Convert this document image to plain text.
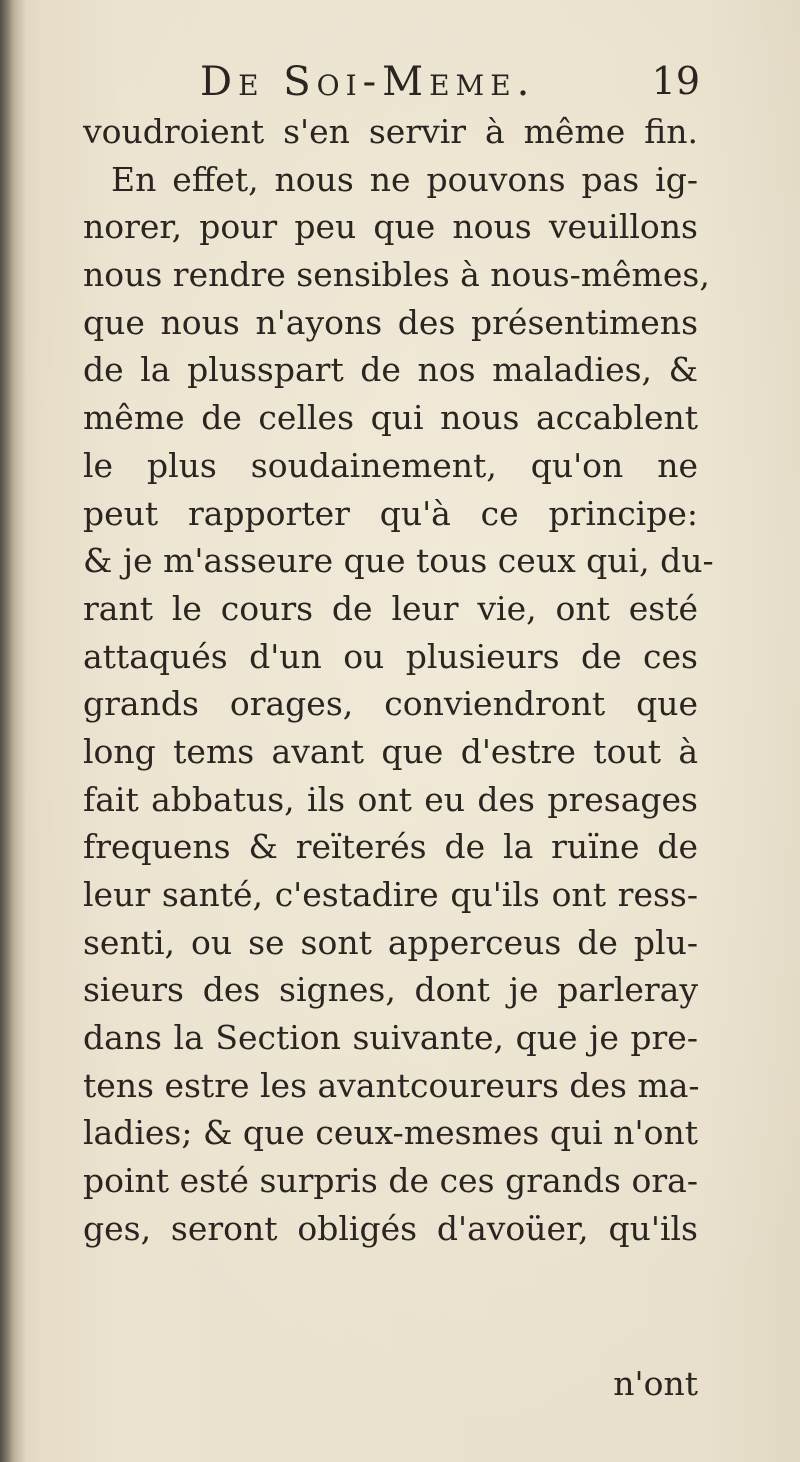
De Soi-Meme.	19
voudroient s'en servir à même fin.
En effet, nous ne pouvons pas ig-
norer, pour peu que nous veuillons
nous rendre sensibles à nous-mêmes,
que nous n'ayons des présentimens
de la plusspart de nos maladies, &
même de celles qui nous accablent
le plus soudainement, qu'on ne
peut rapporter qu'à ce principe:
& je m'asseure que tous ceux qui, du-
rant le cours de leur vie, ont esté
attaqués d'un ou plusieurs de ces
grands orages, conviendront que
long tems avant que d'estre tout à
fait abbatus, ils ont eu des presages
frequens & reïterés de la ruïne de
leur santé, c'estadire qu'ils ont ress-
senti, ou se sont apperceus de plu-
sieurs des signes, dont je parleray
dans la Section suivante, que je pre-
tens estre les avantcoureurs des ma-
ladies; & que ceux-mesmes qui n'ont
point esté surpris de ces grands ora-
ges, seront obligés d'avoüer, qu'ils
n'ont
